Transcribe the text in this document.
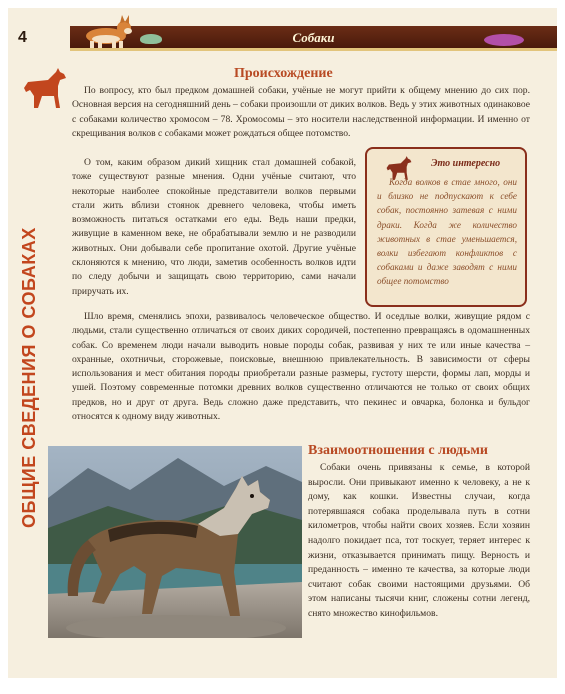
Собаки
4
ОБЩИЕ СВЕДЕНИЯ О СОБАКАХ
Происхождение

По вопросу, кто был предком домашней собаки, учёные не могут прийти к общему мнению до сих пор. Основная версия на сегодняшний день – собаки произошли от диких волков. Ведь у этих животных одинаковое с собаками количество хромосом – 78. Хромосомы – это носители наследственной информации. И именно от скрещивания волков с собаками может рождаться общее потомство.

О том, каким образом дикий хищник стал домашней собакой, тоже существуют разные мнения. Одни учёные считают, что некоторые наиболее спокойные представители волков первыми стали жить вблизи стоянок древнего человека, чтобы иметь возможность питаться остатками его еды. Ведь наши предки, живущие в каменном веке, не обрабатывали землю и не разводили животных. Они добывали себе пропитание охотой. Другие учёные склоняются к мнению, что люди, заметив особенность волков идти по следу добычи и защищать свою территорию, сами начали приручать их.

Это интересно

Когда волков в стае много, они и близко не подпускают к себе собак, постоянно затевая с ними драки. Когда же количество животных в стае уменьшается, волки избегают конфликтов с собаками и даже заводят с ними общее потомство

Шло время, сменялись эпохи, развивалось человеческое общество. И оседлые волки, живущие рядом с людьми, стали существенно отличаться от своих диких сородичей, постепенно превращаясь в одомашненных собак. Со временем люди начали выводить новые породы собак, развивая у них те или иные качества – охранные, охотничьи, сторожевые, поисковые, внешнюю привлекательность. В зависимости от сферы использования и мест обитания породы приобретали разные размеры, густоту шерсти, формы лап, морды и ушей. Поэтому современные потомки древних волков существенно отличаются не только от своих общих предков, но и друг от друга. Ведь сложно даже представить, что пекинес и овчарка, болонка и бульдог относятся к одному виду животных.

Взаимоотношения с людьми

Собаки очень привязаны к семье, в которой выросли. Они привыкают именно к человеку, а не к дому, как кошки. Известны случаи, когда потерявшаяся собака проделывала путь в сотни километров, чтобы найти своих хозяев. Если хозяин надолго покидает пса, тот тоскует, теряет интерес к жизни, отказывается принимать пищу. Верность и преданность – именно те качества, за которые люди считают собак своими настоящими друзьями. Об этом написаны тысячи книг, сложены сотни легенд, снято множество кинофильмов.
